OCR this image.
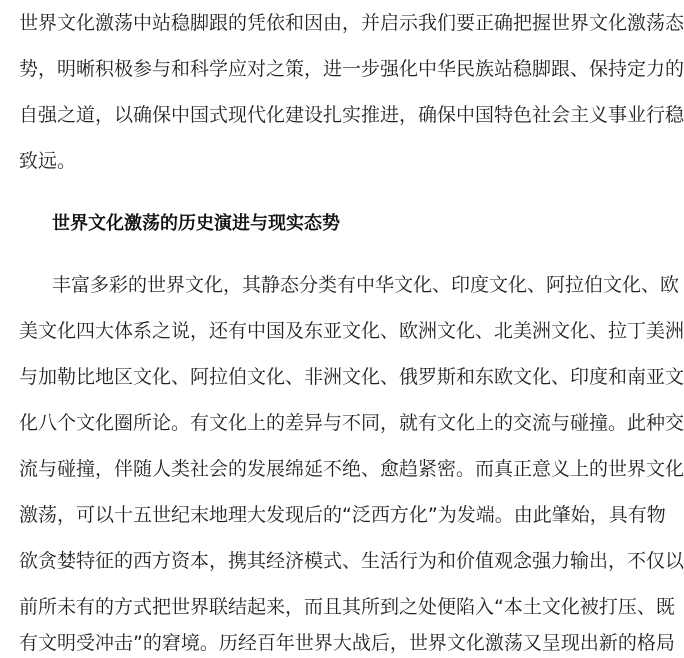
世界文化激荡中站稳脚跟的凭依和因由，并启示我们要正确把握世界文化激荡态
势，明晰积极参与和科学应对之策，进一步强化中华民族站稳脚跟、保持定力的
自强之道，以确保中国式现代化建设扎实推进，确保中国特色社会主义事业行稳
致远。
世界文化激荡的历史演进与现实态势
丰富多彩的世界文化，其静态分类有中华文化、印度文化、阿拉伯文化、欧
美文化四大体系之说，还有中国及东亚文化、欧洲文化、北美洲文化、拉丁美洲
与加勒比地区文化、阿拉伯文化、非洲文化、俄罗斯和东欧文化、印度和南亚文
化八个文化圈所论。有文化上的差异与不同，就有文化上的交流与碰撞。此种交
流与碰撞，伴随人类社会的发展绵延不绝、愈趋紧密。而真正意义上的世界文化
激荡，可以十五世纪末地理大发现后的“泛西方化”为发端。由此肇始，具有物
欲贪婪特征的西方资本，携其经济模式、生活行为和价值观念强力输出，不仅以
前所未有的方式把世界联结起来，而且其所到之处便陷入“本土文化被打压、既
有文明受冲击”的窘境。历经百年世界大战后，世界文化激荡又呈现出新的格局
